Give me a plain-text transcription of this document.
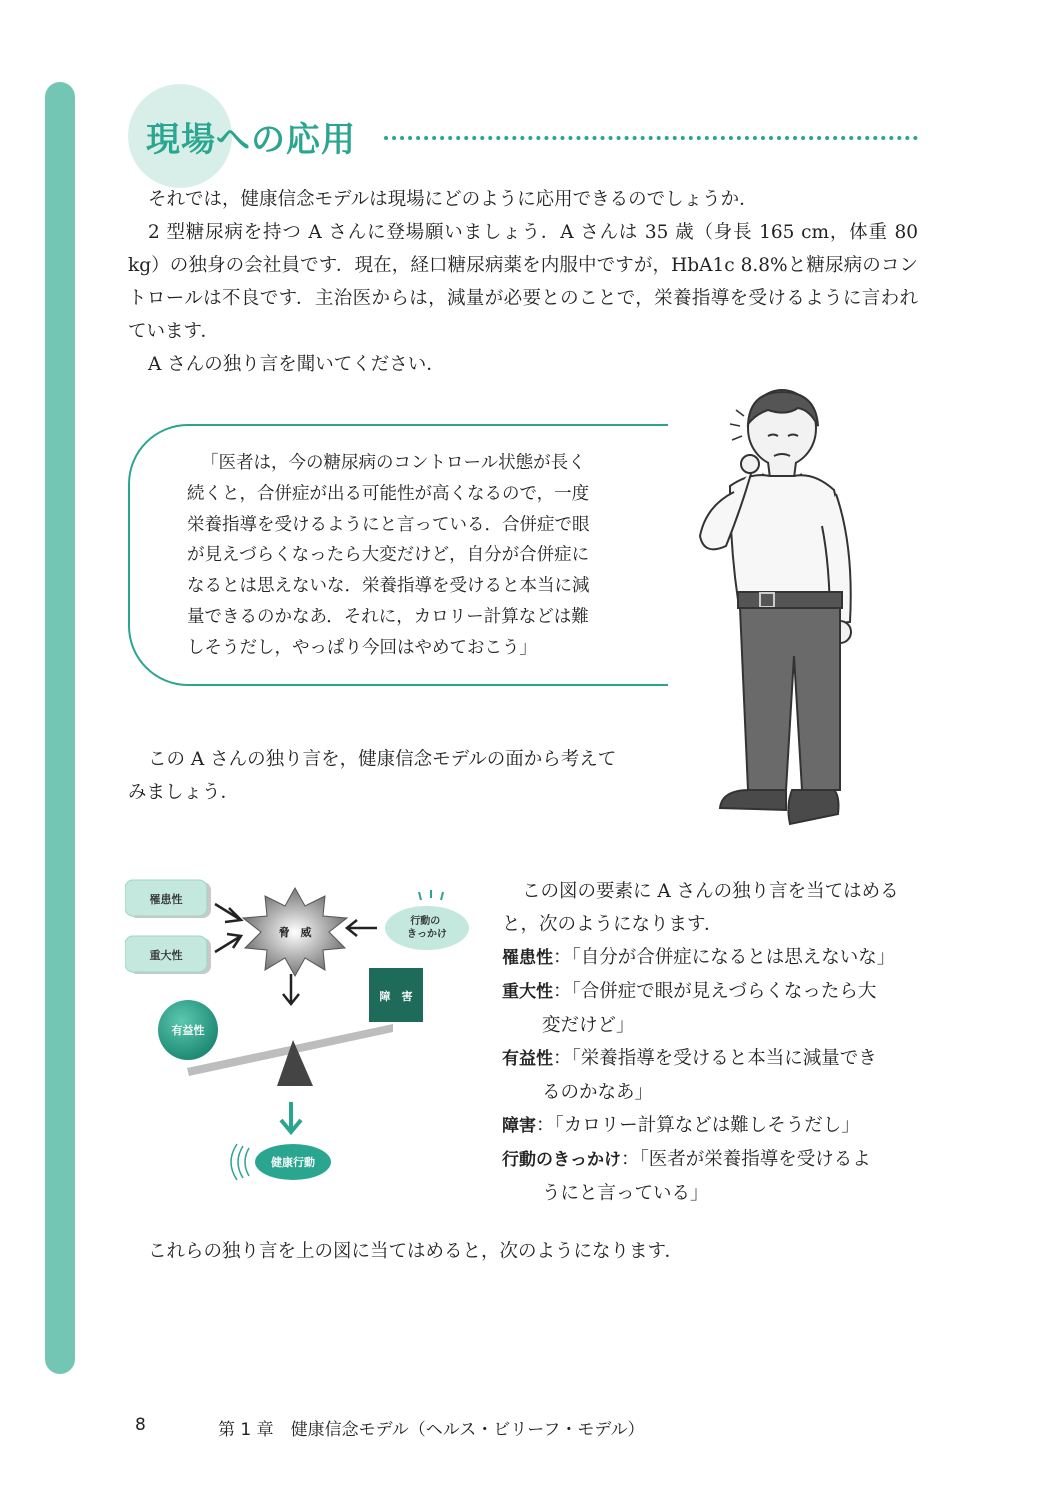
現場への応用

それでは，健康信念モデルは現場にどのように応用できるのでしょうか．

2 型糖尿病を持つ A さんに登場願いましょう．A さんは 35 歳（身長 165 cm，体重 80 kg）の独身の会社員です．現在，経口糖尿病薬を内服中ですが，HbA1c 8.8%と糖尿病のコントロールは不良です．主治医からは，減量が必要とのことで，栄養指導を受けるように言われています．

A さんの独り言を聞いてください．

「医者は，今の糖尿病のコントロール状態が長く
続くと，合併症が出る可能性が高くなるので，一度
栄養指導を受けるようにと言っている．合併症で眼
が見えづらくなったら大変だけど，自分が合併症に
なるとは思えないな．栄養指導を受けると本当に減
量できるのかなあ．それに，カロリー計算などは難
しそうだし，やっぱり今回はやめておこう」

この A さんの独り言を，健康信念モデルの面から考えてみましょう．

罹患性
重大性
脅　威
行動の きっかけ
障　害
有益性
健康行動

この図の要素に A さんの独り言を当てはめると，次のようになります．

罹患性：「自分が合併症になるとは思えないな」

重大性：「合併症で眼が見えづらくなったら大

変だけど」

有益性：「栄養指導を受けると本当に減量でき

るのかなあ」

障害：「カロリー計算などは難しそうだし」

行動のきっかけ：「医者が栄養指導を受けるよ

うにと言っている」

これらの独り言を上の図に当てはめると，次のようになります．

8	第 1 章　健康信念モデル（ヘルス・ビリーフ・モデル）
